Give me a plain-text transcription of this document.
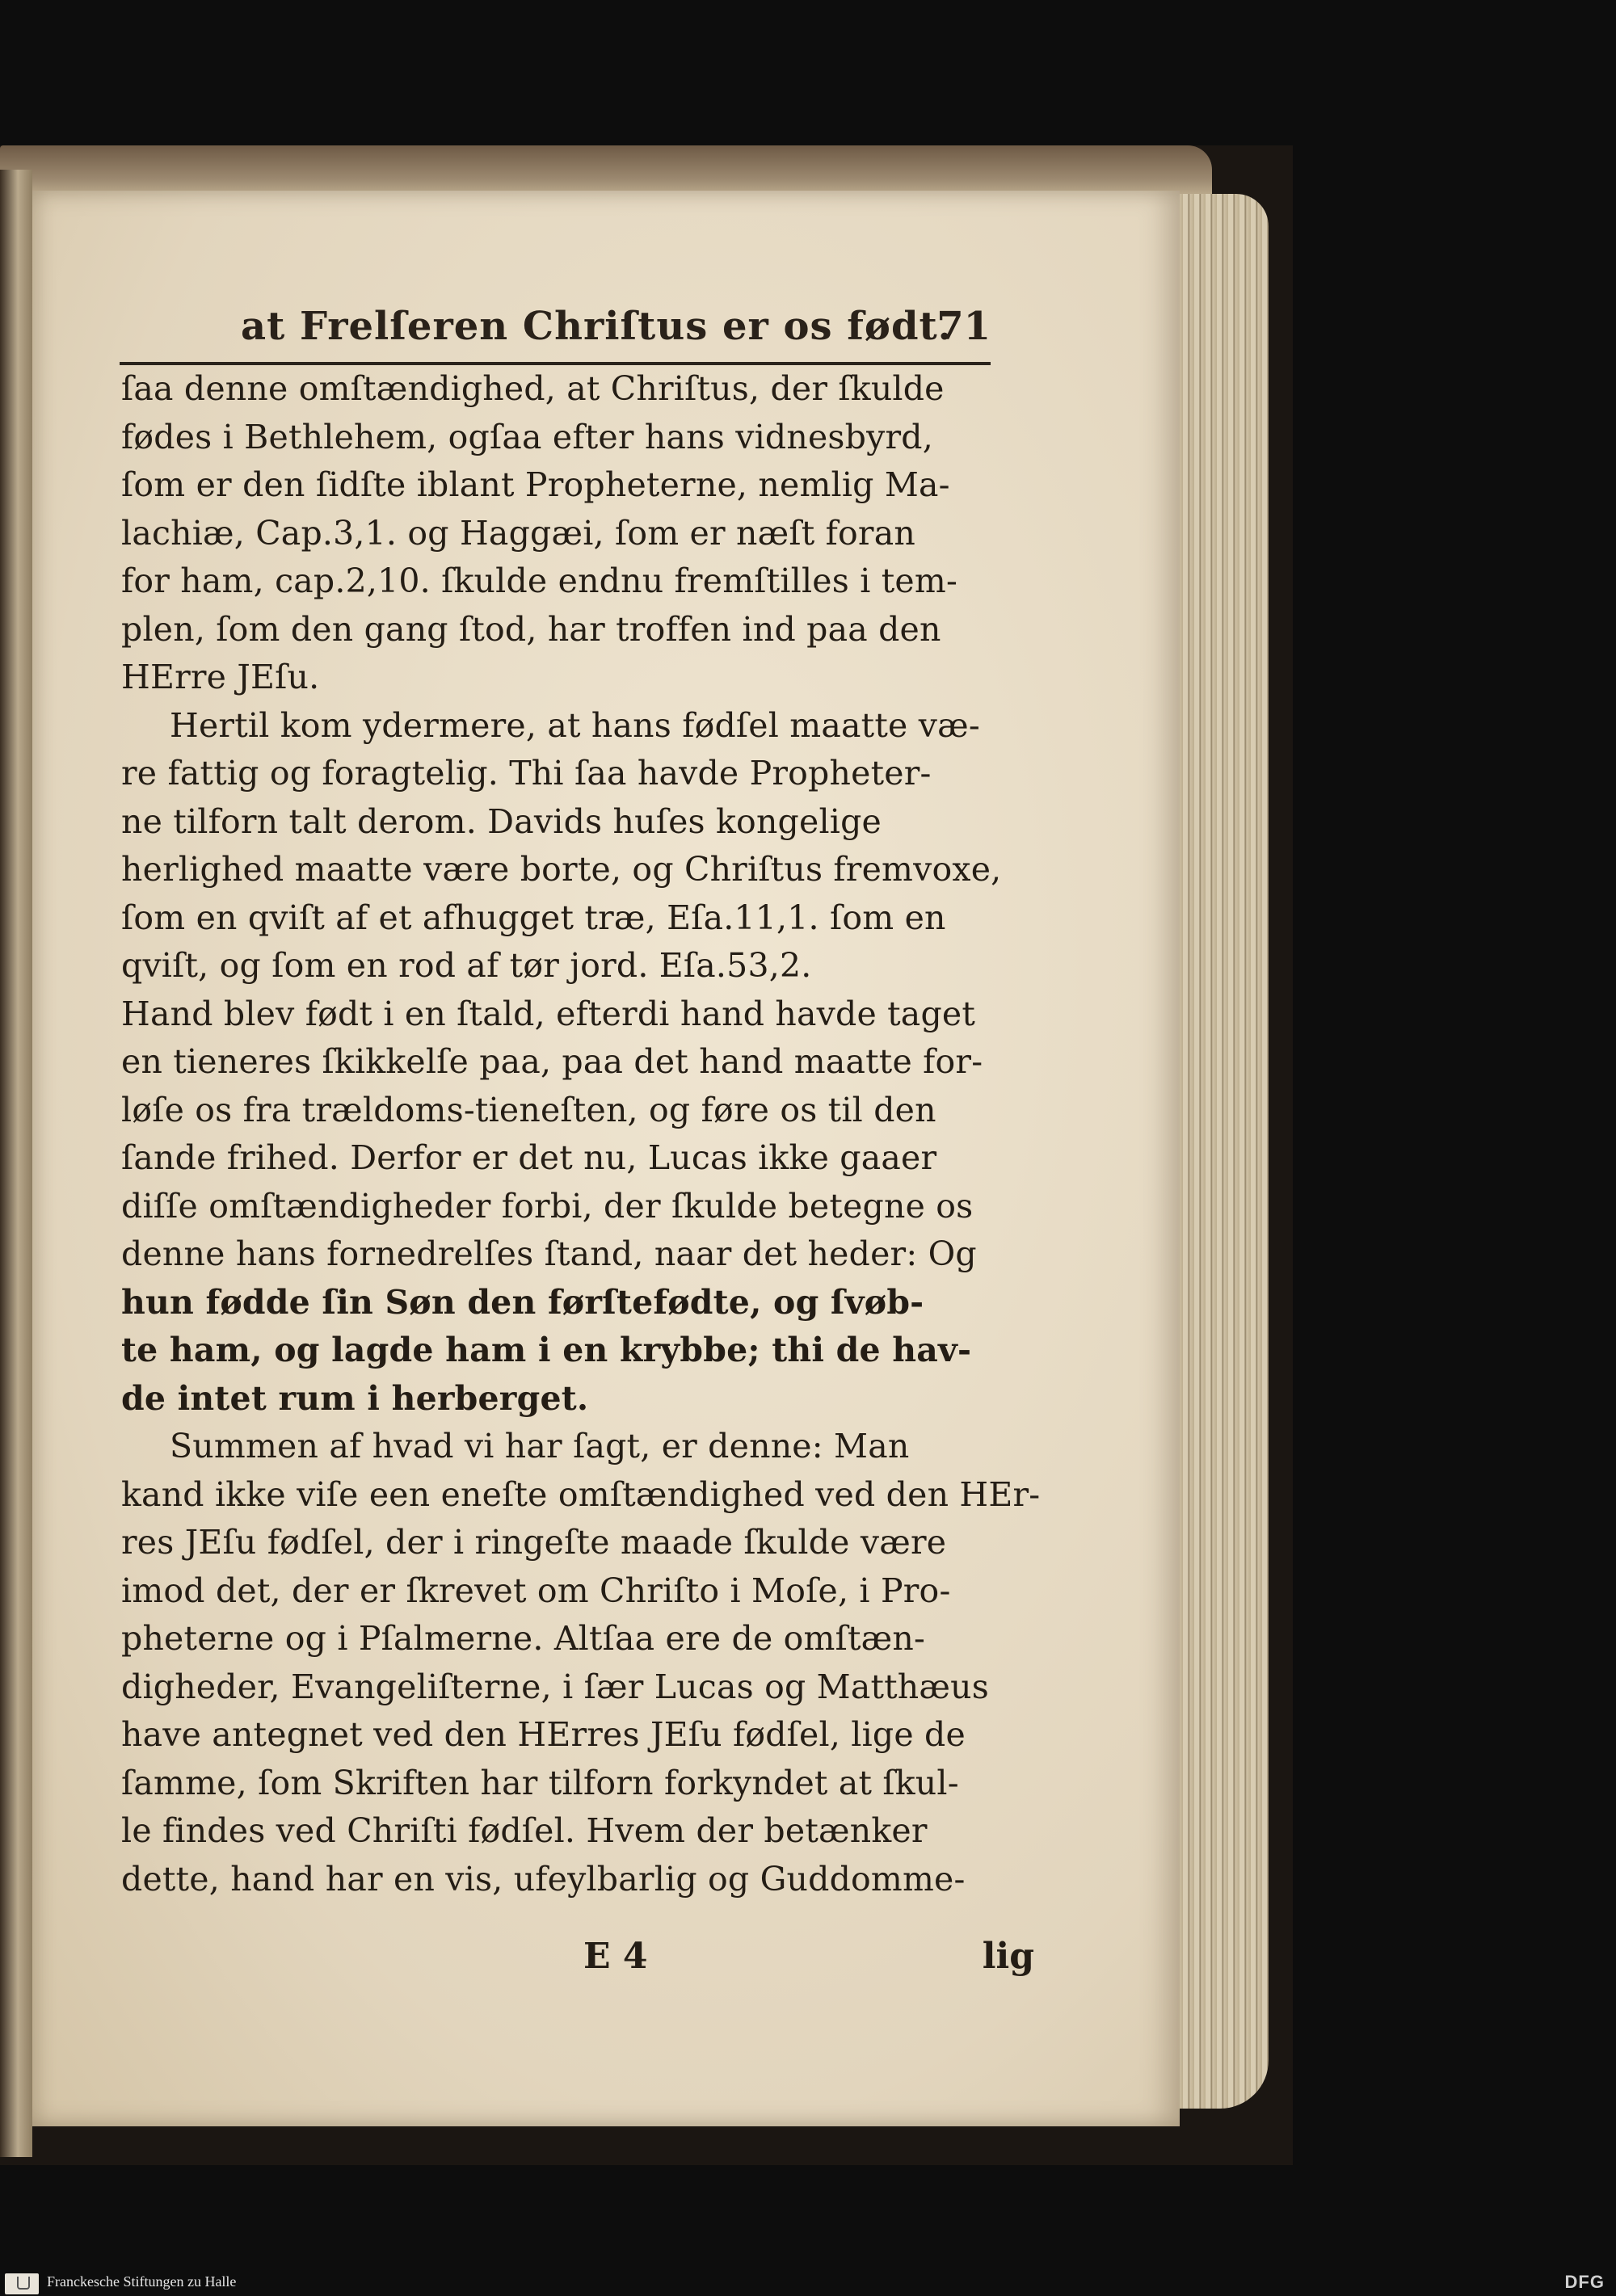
at Frelſeren Chriſtus er os født.
71
ſaa denne omſtændighed, at Chriſtus, der ſkulde
fødes i Bethlehem, ogſaa efter hans vidnesbyrd,
ſom er den ſidſte iblant Propheterne, nemlig Ma-
lachiæ, Cap.3,1. og Haggæi, ſom er næſt foran
for ham, cap.2,10. ſkulde endnu fremſtilles i tem-
plen, ſom den gang ſtod, har troffen ind paa den
HErre JEſu.
Hertil kom ydermere, at hans fødſel maatte væ-
re fattig og foragtelig. Thi ſaa havde Propheter-
ne tilforn talt derom. Davids huſes kongelige
herlighed maatte være borte, og Chriſtus fremvoxe,
ſom en qviſt af et afhugget træ, Eſa.11,1. ſom en
qviſt, og ſom en rod af tør jord. Eſa.53,2.
Hand blev født i en ſtald, efterdi hand havde taget
en tieneres ſkikkelſe paa, paa det hand maatte for-
løſe os fra trældoms-tieneſten, og føre os til den
ſande frihed. Derfor er det nu, Lucas ikke gaaer
diſſe omſtændigheder forbi, der ſkulde betegne os
denne hans fornedrelſes ſtand, naar det heder: Og
hun fødde ſin Søn den førſtefødte, og ſvøb-
te ham, og lagde ham i en krybbe; thi de hav-
de intet rum i herberget.
Summen af hvad vi har ſagt, er denne: Man
kand ikke viſe een eneſte omſtændighed ved den HEr-
res JEſu fødſel, der i ringeſte maade ſkulde være
imod det, der er ſkrevet om Chriſto i Moſe, i Pro-
pheterne og i Pſalmerne. Altſaa ere de omſtæn-
digheder, Evangeliſterne, i ſær Lucas og Matthæus
have antegnet ved den HErres JEſu fødſel, lige de
ſamme, ſom Skriften har tilforn forkyndet at ſkul-
le findes ved Chriſti fødſel. Hvem der betænker
dette, hand har en vis, ufeylbarlig og Guddomme-
E 4	lig
Franckesche Stiftungen zu Halle	DFG
